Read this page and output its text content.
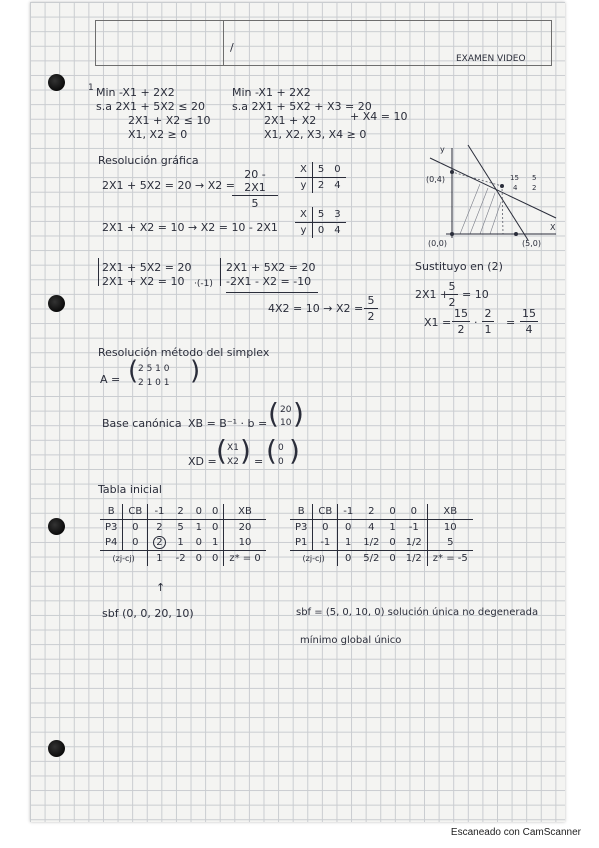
/
EXAMEN VIDEO
1 Min -X1 + 2X2
s.a 2X1 + 5X2 ≤ 20
2X1 + X2 ≤ 10
X1, X2 ≥ 0
Min -X1 + 2X2
s.a 2X1 + 5X2 + X3 = 20
2X1 + X2	+ X4 = 10
X1, X2, X3, X4 ≥ 0
Resolución gráfica
2X1 + 5X2 = 20 → X2 =
$\frac{20 - 2X1}{5}$
2X1 + X2 = 10 → X2 = 10 - 2X1
X	5	0
y	2	4
X	5	3
y	0	4
2X1 + 5X2 = 20
2X1 + X2 = 10 ·(-1)
2X1 + 5X2 = 20
-2X1 - X2 = -10
$4X2 = 10 \to X2 = \frac{5}{2}$
(0,4)
(0,0)	(5,0)
15
4
5
2
X
y
Sustituyo en (2)
2X1 +
$\frac{5}{2} = 10$
$X1 = \frac{15}{2} \cdot \frac{2}{1} = \frac{15}{4}$
Resolución método del simplex
A = ( 2 5 1 0
2 1 0 1 )
Base canónica XB = B⁻¹ · b = ( 20
10 )
XD = ( X1
X2 ) = ( 0
0 )
Tabla inicial
B	CB	-1	2	0	0	XB
P3	0	2	5	1	0	20
P4	0	2	1	0	1	10
(zj-cj)		1	-2	0	0	z* = 0
↑
sbf (0, 0, 20, 10)
B	CB	-1	2	0	0	XB
P3	0	0	4	1	-1	10
P1	-1	1	1/2	0	1/2	5
(zj-cj)		0	5/2	0	1/2	z* = -5
sbf = (5, 0, 10, 0) solución única no degenerada
mínimo global único
Escaneado con CamScanner
